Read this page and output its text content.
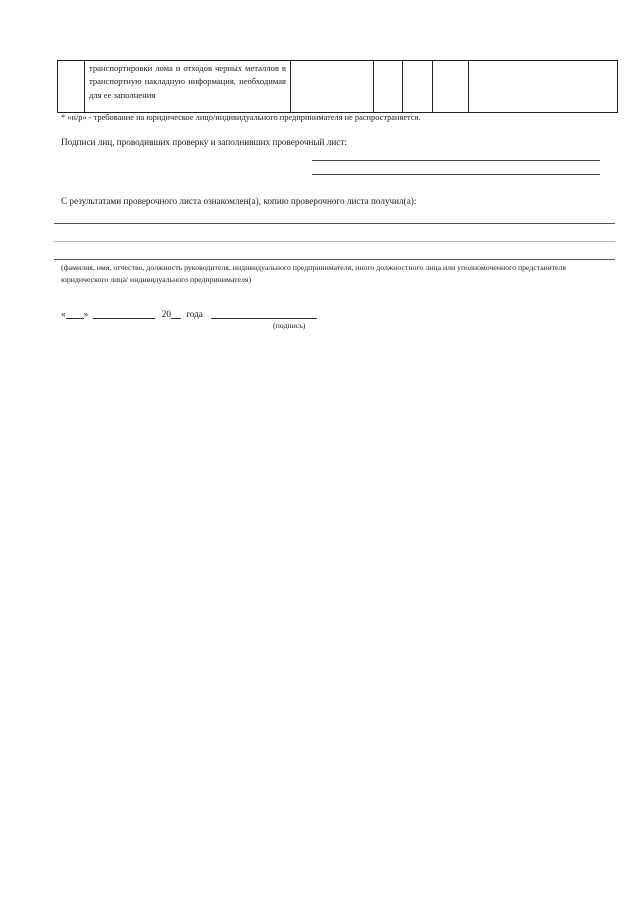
транспортировки лома и отходов черных металлов в транспортную накладную информация, необходимая для ее заполнения

* «н/р» - требование на юридическое лицо/индивидуального предпринимателя не распространяется.
Подписи лиц, проводивших проверку и заполнивших проверочный лист:
С результатами проверочного листа ознакомлен(а), копию проверочного листа получил(а):
(фамилия, имя, отчество, должность руководителя, индивидуального предпринимателя, иного должностного лица или уполномоченного представителя юридического лица/ индивидуального предпринимателя)
« »	20 года
(подпись)
